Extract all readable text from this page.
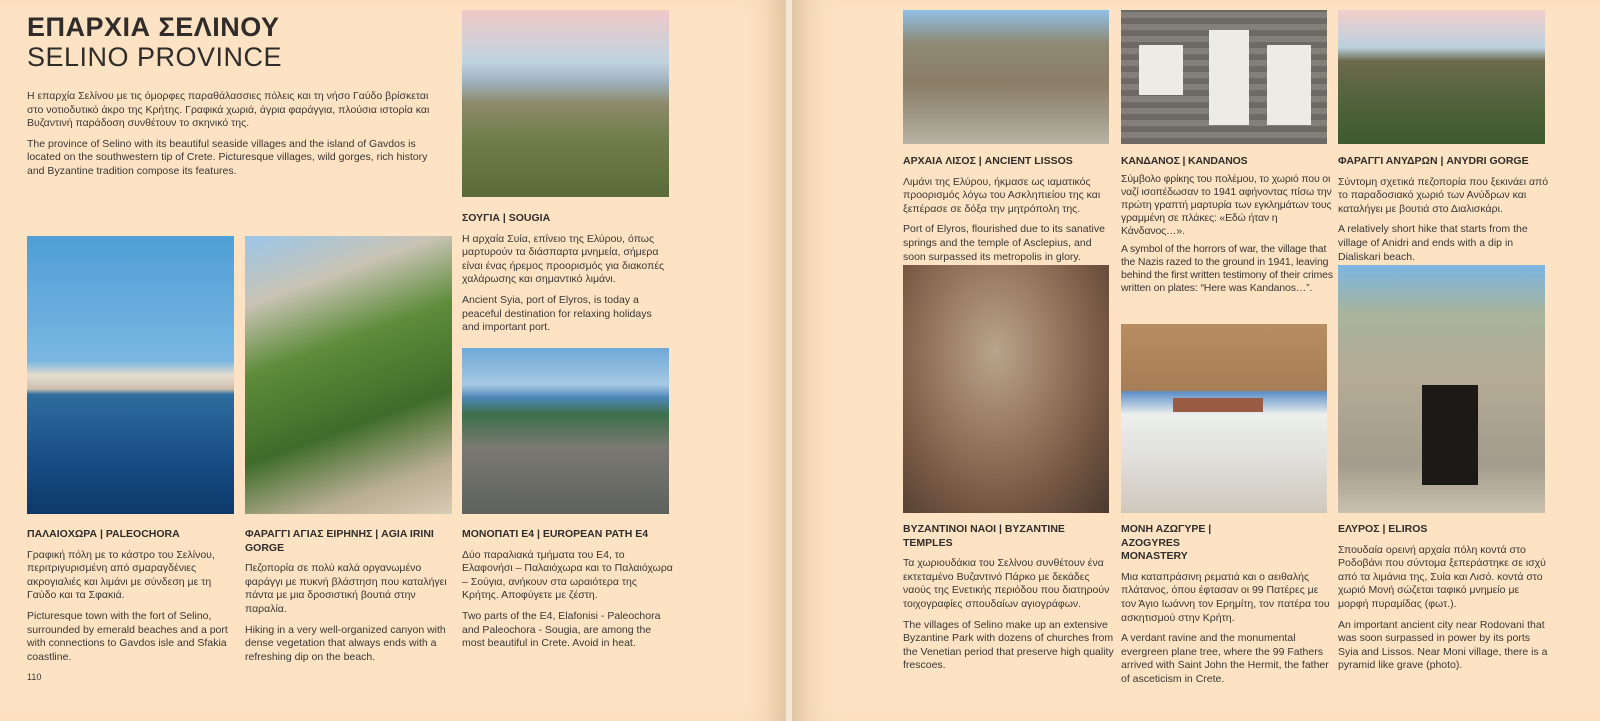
ΕΠΑΡΧΙΑ ΣΕΛΙΝΟΥ
SELINO PROVINCE

Η επαρχία Σελίνου με τις όμορφες παραθάλασσιες πόλεις και τη νήσο Γαύδο βρίσκεται στο νοτιοδυτικό άκρο της Κρήτης. Γραφικά χωριά, άγρια φαράγγια, πλούσια ιστορία και Βυζαντινή παράδοση συνθέτουν το σκηνικό της.

The province of Selino with its beautiful seaside villages and the island of Gavdos is located on the southwestern tip of Crete. Picturesque villages, wild gorges, rich history and Byzantine tradition compose its features.

ΣΟΥΓΙΑ | SOUGIA

Η αρχαία Συία, επίνειο της Ελύρου, όπως μαρτυρούν τα διάσπαρτα μνημεία, σήμερα είναι ένας ήρεμος προορισμός για διακοπές χαλάρωσης και σημαντικό λιμάνι.

Ancient Syia, port of Elyros, is today a peaceful destination for relaxing holidays and important port.

ΠΑΛΑΙΟΧΩΡΑ | PALEOCHORA

Γραφική πόλη με το κάστρο του Σελίνου, περιτριγυρισμένη από σμαραγδένιες ακρογιαλιές και λιμάνι με σύνδεση με τη Γαύδο και τα Σφακιά.

Picturesque town with the fort of Selino, surrounded by emerald beaches and a port with connections to Gavdos isle and Sfakia coastline.

ΦΑΡΑΓΓΙ ΑΓΙΑΣ ΕΙΡΗΝΗΣ | AGIA IRINI GORGE

Πεζοπορία σε πολύ καλά οργανωμένο φαράγγι με πυκνή βλάστηση που καταλήγει πάντα με μια δροσιστική βουτιά στην παραλία.

Hiking in a very well-organized canyon with dense vegetation that always ends with a refreshing dip on the beach.

ΜΟΝΟΠΑΤΙ Ε4 | EUROPEAN PATH E4

Δύο παραλιακά τμήματα του Ε4, το Ελαφονήσι – Παλαιόχωρα και το Παλαιόχωρα – Σούγια, ανήκουν στα ωραιότερα της Κρήτης. Αποφύγετε με ζέστη.

Two parts of the E4, Elafonisi - Paleochora and Paleochora - Sougia, are among the most beautiful in Crete. Avoid in heat.

110
ΑΡΧΑΙΑ ΛΙΣΟΣ | ANCIENT LISSOS

Λιμάνι της Ελύρου, ήκμασε ως ιαματικός προορισμός λόγω του Ασκληπιείου της και ξεπέρασε σε δόξα την μητρόπολη της.

Port of Elyros, flourished due to its sanative springs and the temple of Asclepius, and soon surpassed its metropolis in glory.

ΚΑΝΔΑΝΟΣ | KANDANOS

Σύμβολο φρίκης του πολέμου, το χωριό που οι ναζί ισοπέδωσαν το 1941 αφήνοντας πίσω την πρώτη γραπτή μαρτυρία των εγκλημάτων τους γραμμένη σε πλάκες: «Εδώ ήταν η Κάνδανος…».

A symbol of the horrors of war, the village that the Nazis razed to the ground in 1941, leaving behind the first written testimony of their crimes written on plates: “Here was Kandanos…”.

ΦΑΡΑΓΓΙ ΑΝΥΔΡΩΝ | ANYDRI GORGE

Σύντομη σχετικά πεζοπορία που ξεκινάει από το παραδοσιακό χωριό των Ανύδρων και καταλήγει με βουτιά στο Διαλισκάρι.

A relatively short hike that starts from the village of Anidri and ends with a dip in Dialiskari beach.

ΒΥΖΑΝΤΙΝΟΙ ΝΑΟΙ | BYZANTINE TEMPLES

Τα χωριουδάκια του Σελίνου συνθέτουν ένα εκτεταμένο Βυζαντινό Πάρκο με δεκάδες ναούς της Ενετικής περιόδου που διατηρούν τοιχογραφίες σπουδαίων αγιογράφων.

The villages of Selino make up an extensive Byzantine Park with dozens of churches from the Venetian period that preserve high quality frescoes.

ΜΟΝΗ ΑΖΩΓΥΡΕ | AZOGYRES MONASTERY

Μια καταπράσινη ρεματιά και ο αειθαλής πλάτανος, όπου έφτασαν οι 99 Πατέρες με τον Άγιο Ιωάννη τον Ερημίτη, τον πατέρα του ασκητισμού στην Κρήτη.

A verdant ravine and the monumental evergreen plane tree, where the 99 Fathers arrived with Saint John the Hermit, the father of asceticism in Crete.

ΕΛΥΡΟΣ | ELIROS

Σπουδαία ορεινή αρχαία πόλη κοντά στο Ροδοβάνι που σύντομα ξεπεράστηκε σε ισχύ από τα λιμάνια της, Συία και Λισό. κοντά στο χωριό Μονή σώζεται ταφικό μνημείο με μορφή πυραμίδας (φωτ.).

An important ancient city near Rodovani that was soon surpassed in power by its ports Syia and Lissos. Near Moni village, there is a pyramid like grave (photo).
